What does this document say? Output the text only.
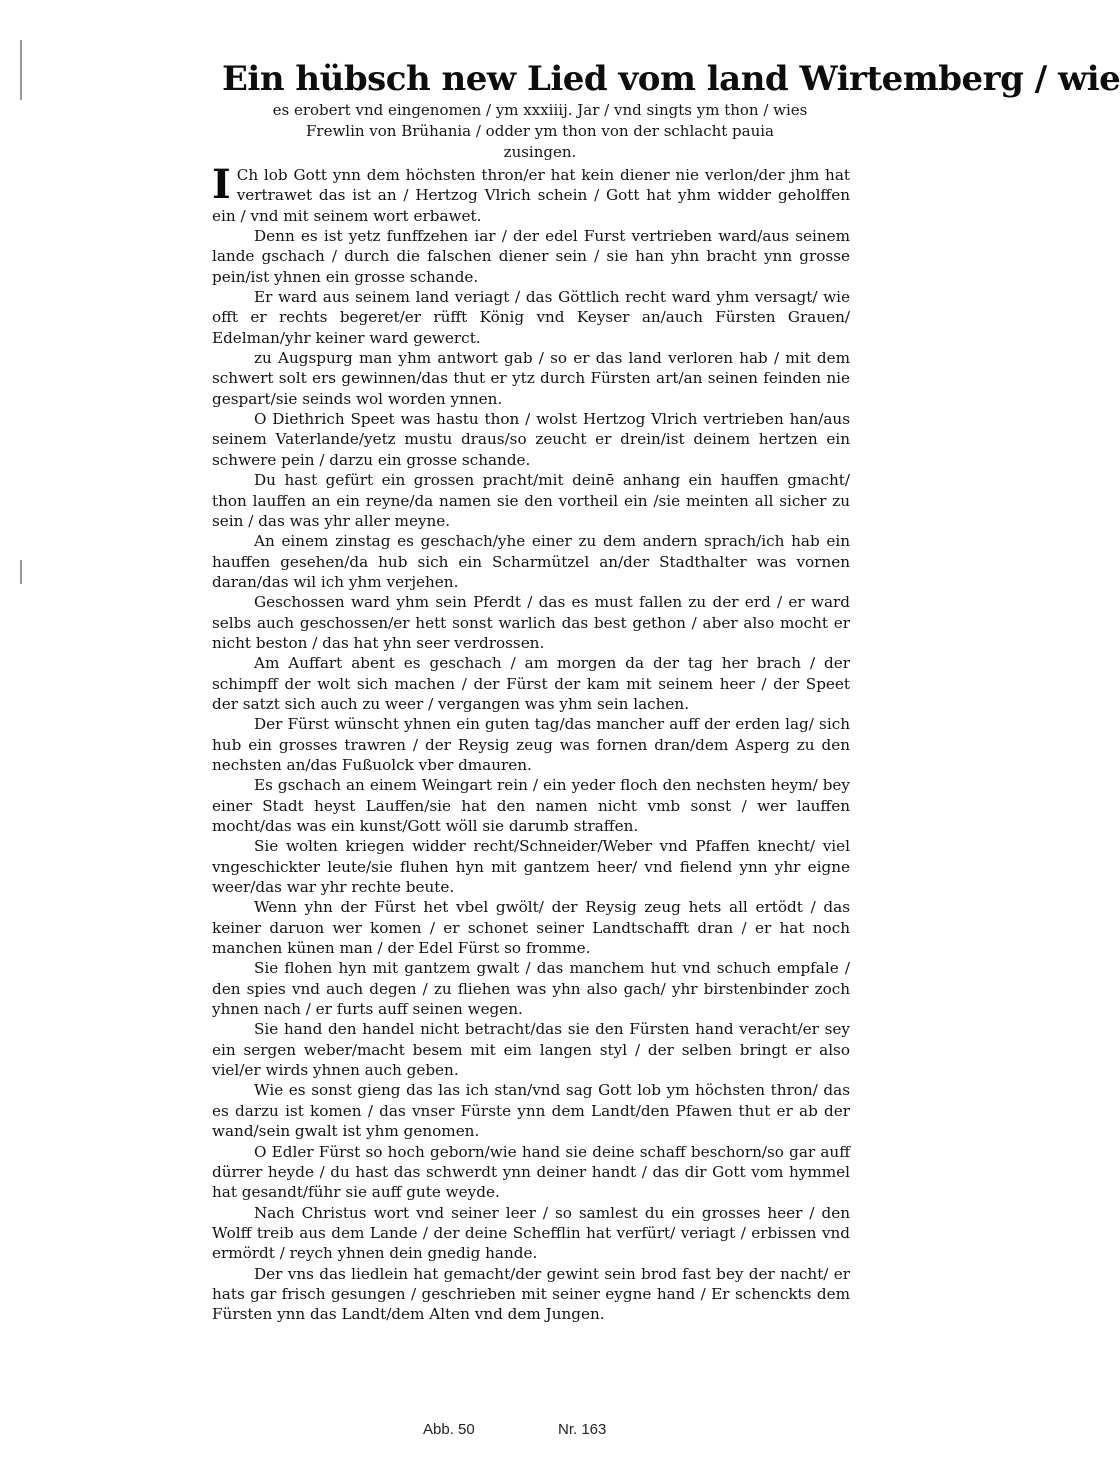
Ein hübsch new Lied vom land Wirtemberg / wie
es erobert vnd eingenomen / ym xxxiiij. Jar / vnd singts ym thon / wies
Frewlin von Brühania / odder ym thon von der schlacht pauia
zusingen.

I Ch lob Gott ynn dem höchsten thron/er hat kein diener nie verlon/der jhm hat vertrawet das ist an / Hertzog Vlrich schein / Gott hat yhm widder geholffen ein / vnd mit seinem wort erbawet.

Denn es ist yetz funffzehen iar / der edel Furst vertrieben ward/aus seinem lande gschach / durch die falschen diener sein / sie han yhn bracht ynn grosse pein/ist yhnen ein grosse schande.

Er ward aus seinem land veriagt / das Göttlich recht ward yhm versagt/ wie offt er rechts begeret/er rüfft König vnd Keyser an/auch Fürsten Grauen/ Edelman/yhr keiner ward gewerct.

zu Augspurg man yhm antwort gab / so er das land verloren hab / mit dem schwert solt ers gewinnen/das thut er ytz durch Fürsten art/an seinen feinden nie gespart/sie seinds wol worden ynnen.

O Diethrich Speet was hastu thon / wolst Hertzog Vlrich vertrieben han/aus seinem Vaterlande/yetz mustu draus/so zeucht er drein/ist deinem hertzen ein schwere pein / darzu ein grosse schande.

Du hast gefürt ein grossen pracht/mit deinē anhang ein hauffen gmacht/ thon lauffen an ein reyne/da namen sie den vortheil ein /sie meinten all sicher zu sein / das was yhr aller meyne.

An einem zinstag es geschach/yhe einer zu dem andern sprach/ich hab ein hauffen gesehen/da hub sich ein Scharmützel an/der Stadthalter was vornen daran/das wil ich yhm verjehen.

Geschossen ward yhm sein Pferdt / das es must fallen zu der erd / er ward selbs auch geschossen/er hett sonst warlich das best gethon / aber also mocht er nicht beston / das hat yhn seer verdrossen.

Am Auffart abent es geschach / am morgen da der tag her brach / der schimpff der wolt sich machen / der Fürst der kam mit seinem heer / der Speet der satzt sich auch zu weer / vergangen was yhm sein lachen.

Der Fürst wünscht yhnen ein guten tag/das mancher auff der erden lag/ sich hub ein grosses trawren / der Reysig zeug was fornen dran/dem Asperg zu den nechsten an/das Fußuolck vber dmauren.

Es gschach an einem Weingart rein / ein yeder floch den nechsten heym/ bey einer Stadt heyst Lauffen/sie hat den namen nicht vmb sonst / wer lauffen mocht/das was ein kunst/Gott wöll sie darumb straffen.

Sie wolten kriegen widder recht/Schneider/Weber vnd Pfaffen knecht/ viel vngeschickter leute/sie fluhen hyn mit gantzem heer/ vnd fielend ynn yhr eigne weer/das war yhr rechte beute.

Wenn yhn der Fürst het vbel gwölt/ der Reysig zeug hets all ertödt / das keiner daruon wer komen / er schonet seiner Landtschafft dran / er hat noch manchen künen man / der Edel Fürst so fromme.

Sie flohen hyn mit gantzem gwalt / das manchem hut vnd schuch empfale / den spies vnd auch degen / zu fliehen was yhn also gach/ yhr birstenbinder zoch yhnen nach / er furts auff seinen wegen.

Sie hand den handel nicht betracht/das sie den Fürsten hand veracht/er sey ein sergen weber/macht besem mit eim langen styl / der selben bringt er also viel/er wirds yhnen auch geben.

Wie es sonst gieng das las ich stan/vnd sag Gott lob ym höchsten thron/ das es darzu ist komen / das vnser Fürste ynn dem Landt/den Pfawen thut er ab der wand/sein gwalt ist yhm genomen.

O Edler Fürst so hoch geborn/wie hand sie deine schaff beschorn/so gar auff dürrer heyde / du hast das schwerdt ynn deiner handt / das dir Gott vom hymmel hat gesandt/führ sie auff gute weyde.

Nach Christus wort vnd seiner leer / so samlest du ein grosses heer / den Wolff treib aus dem Lande / der deine Schefflin hat verfürt/ veriagt / erbissen vnd ermördt / reych yhnen dein gnedig hande.

Der vns das liedlein hat gemacht/der gewint sein brod fast bey der nacht/ er hats gar frisch gesungen / geschrieben mit seiner eygne hand / Er schenckts dem Fürsten ynn das Landt/dem Alten vnd dem Jungen.

Abb. 50	Nr. 163
